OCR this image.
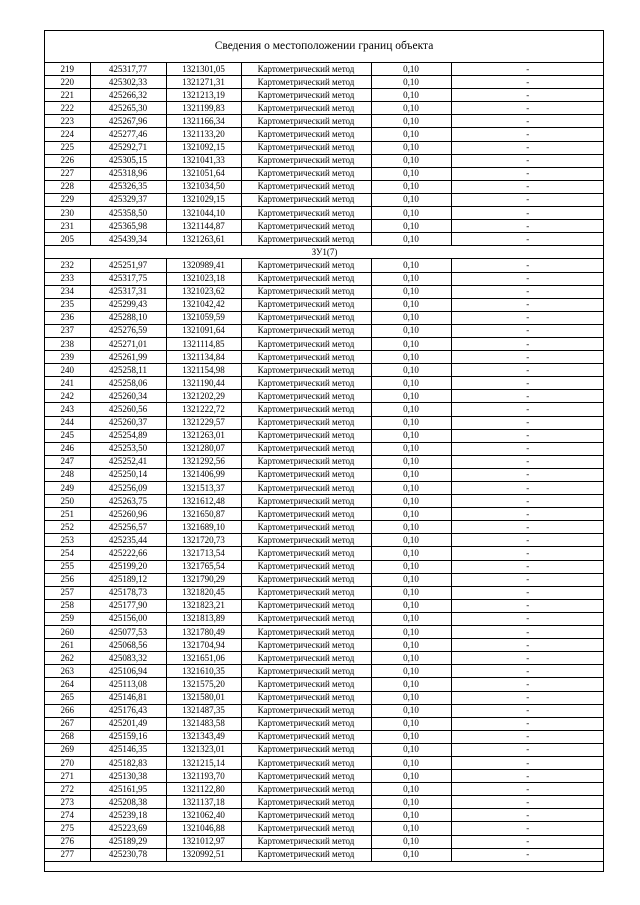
Сведения о местоположении границ объекта
219	425317,77	1321301,05	Картометрический метод	0,10	-
220	425302,33	1321271,31	Картометрический метод	0,10	-
221	425266,32	1321213,19	Картометрический метод	0,10	-
222	425265,30	1321199,83	Картометрический метод	0,10	-
223	425267,96	1321166,34	Картометрический метод	0,10	-
224	425277,46	1321133,20	Картометрический метод	0,10	-
225	425292,71	1321092,15	Картометрический метод	0,10	-
226	425305,15	1321041,33	Картометрический метод	0,10	-
227	425318,96	1321051,64	Картометрический метод	0,10	-
228	425326,35	1321034,50	Картометрический метод	0,10	-
229	425329,37	1321029,15	Картометрический метод	0,10	-
230	425358,50	1321044,10	Картометрический метод	0,10	-
231	425365,98	1321144,87	Картометрический метод	0,10	-
205	425439,34	1321263,61	Картометрический метод	0,10	-
ЗУ1(7)					
232	425251,97	1320989,41	Картометрический метод	0,10	-
233	425317,75	1321023,18	Картометрический метод	0,10	-
234	425317,31	1321023,62	Картометрический метод	0,10	-
235	425299,43	1321042,42	Картометрический метод	0,10	-
236	425288,10	1321059,59	Картометрический метод	0,10	-
237	425276,59	1321091,64	Картометрический метод	0,10	-
238	425271,01	1321114,85	Картометрический метод	0,10	-
239	425261,99	1321134,84	Картометрический метод	0,10	-
240	425258,11	1321154,98	Картометрический метод	0,10	-
241	425258,06	1321190,44	Картометрический метод	0,10	-
242	425260,34	1321202,29	Картометрический метод	0,10	-
243	425260,56	1321222,72	Картометрический метод	0,10	-
244	425260,37	1321229,57	Картометрический метод	0,10	-
245	425254,89	1321263,01	Картометрический метод	0,10	-
246	425253,50	1321280,07	Картометрический метод	0,10	-
247	425252,41	1321292,56	Картометрический метод	0,10	-
248	425250,14	1321406,99	Картометрический метод	0,10	-
249	425256,09	1321513,37	Картометрический метод	0,10	-
250	425263,75	1321612,48	Картометрический метод	0,10	-
251	425260,96	1321650,87	Картометрический метод	0,10	-
252	425256,57	1321689,10	Картометрический метод	0,10	-
253	425235,44	1321720,73	Картометрический метод	0,10	-
254	425222,66	1321713,54	Картометрический метод	0,10	-
255	425199,20	1321765,54	Картометрический метод	0,10	-
256	425189,12	1321790,29	Картометрический метод	0,10	-
257	425178,73	1321820,45	Картометрический метод	0,10	-
258	425177,90	1321823,21	Картометрический метод	0,10	-
259	425156,00	1321813,89	Картометрический метод	0,10	-
260	425077,53	1321780,49	Картометрический метод	0,10	-
261	425068,56	1321704,94	Картометрический метод	0,10	-
262	425083,32	1321651,06	Картометрический метод	0,10	-
263	425106,94	1321610,35	Картометрический метод	0,10	-
264	425113,08	1321575,20	Картометрический метод	0,10	-
265	425146,81	1321580,01	Картометрический метод	0,10	-
266	425176,43	1321487,35	Картометрический метод	0,10	-
267	425201,49	1321483,58	Картометрический метод	0,10	-
268	425159,16	1321343,49	Картометрический метод	0,10	-
269	425146,35	1321323,01	Картометрический метод	0,10	-
270	425182,83	1321215,14	Картометрический метод	0,10	-
271	425130,38	1321193,70	Картометрический метод	0,10	-
272	425161,95	1321122,80	Картометрический метод	0,10	-
273	425208,38	1321137,18	Картометрический метод	0,10	-
274	425239,18	1321062,40	Картометрический метод	0,10	-
275	425223,69	1321046,88	Картометрический метод	0,10	-
276	425189,29	1321012,97	Картометрический метод	0,10	-
277	425230,78	1320992,51	Картометрический метод	0,10	-
